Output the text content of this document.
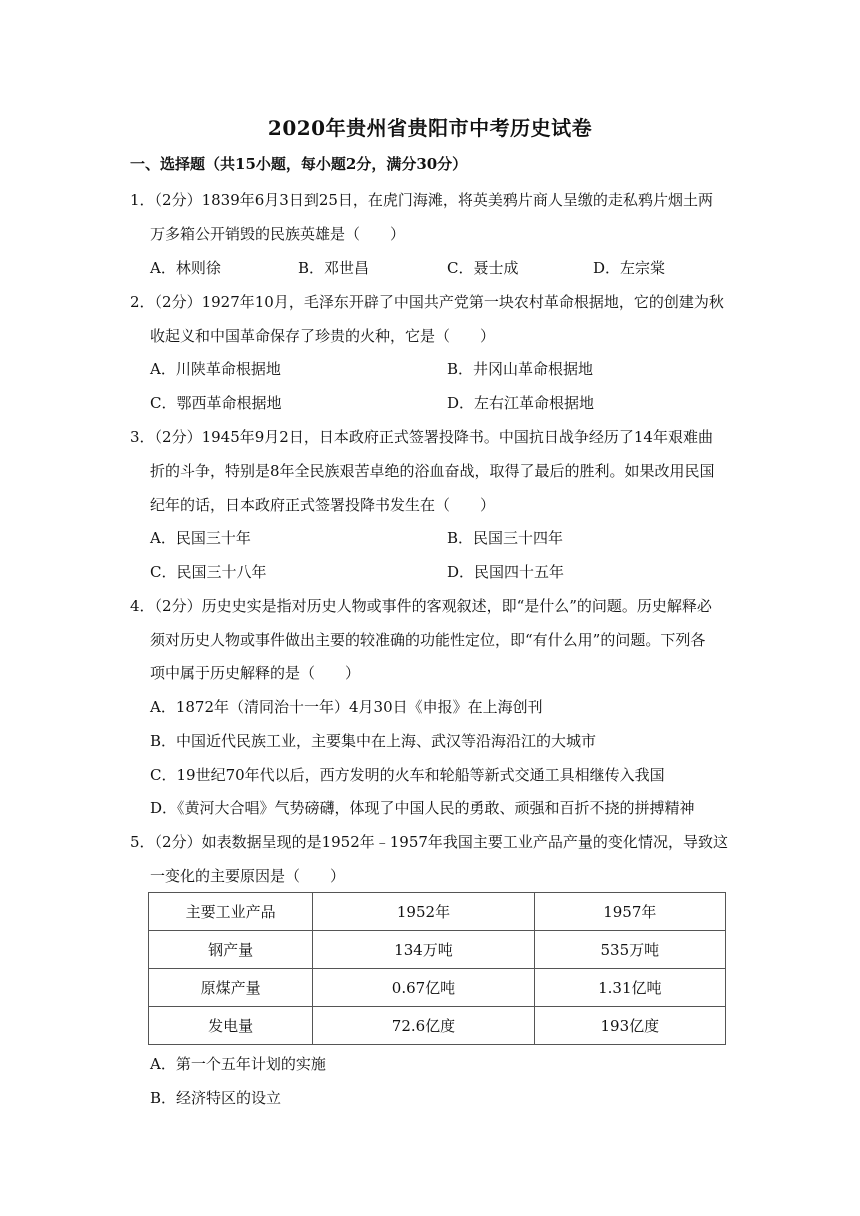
2020年贵州省贵阳市中考历史试卷
一、选择题（共15小题，每小题2分，满分30分）
1．（2分）1839年6月3日到25日，在虎门海滩，将英美鸦片商人呈缴的走私鸦片烟土两
万多箱公开销毁的民族英雄是（　　）
A．林则徐	B．邓世昌	C．聂士成	D．左宗棠
2．（2分）1927年10月，毛泽东开辟了中国共产党第一块农村革命根据地，它的创建为秋
收起义和中国革命保存了珍贵的火种，它是（　　）
A．川陕革命根据地	B．井冈山革命根据地
C．鄂西革命根据地	D．左右江革命根据地
3．（2分）1945年9月2日，日本政府正式签署投降书。中国抗日战争经历了14年艰难曲
折的斗争，特别是8年全民族艰苦卓绝的浴血奋战，取得了最后的胜利。如果改用民国
纪年的话，日本政府正式签署投降书发生在（　　）
A．民国三十年	B．民国三十四年
C．民国三十八年	D．民国四十五年
4．（2分）历史史实是指对历史人物或事件的客观叙述，即“是什么”的问题。历史解释必
须对历史人物或事件做出主要的较准确的功能性定位，即“有什么用”的问题。下列各
项中属于历史解释的是（　　）
A．1872年（清同治十一年）4月30日《申报》在上海创刊
B．中国近代民族工业，主要集中在上海、武汉等沿海沿江的大城市
C．19世纪70年代以后，西方发明的火车和轮船等新式交通工具相继传入我国
D．《黄河大合唱》气势磅礴，体现了中国人民的勇敢、顽强和百折不挠的拼搏精神
5．（2分）如表数据呈现的是1952年﹣1957年我国主要工业产品产量的变化情况，导致这
一变化的主要原因是（　　）
主要工业产品	1952年	1957年
钢产量	134万吨	535万吨
原煤产量	0.67亿吨	1.31亿吨
发电量	72.6亿度	193亿度
A．第一个五年计划的实施
B．经济特区的设立
